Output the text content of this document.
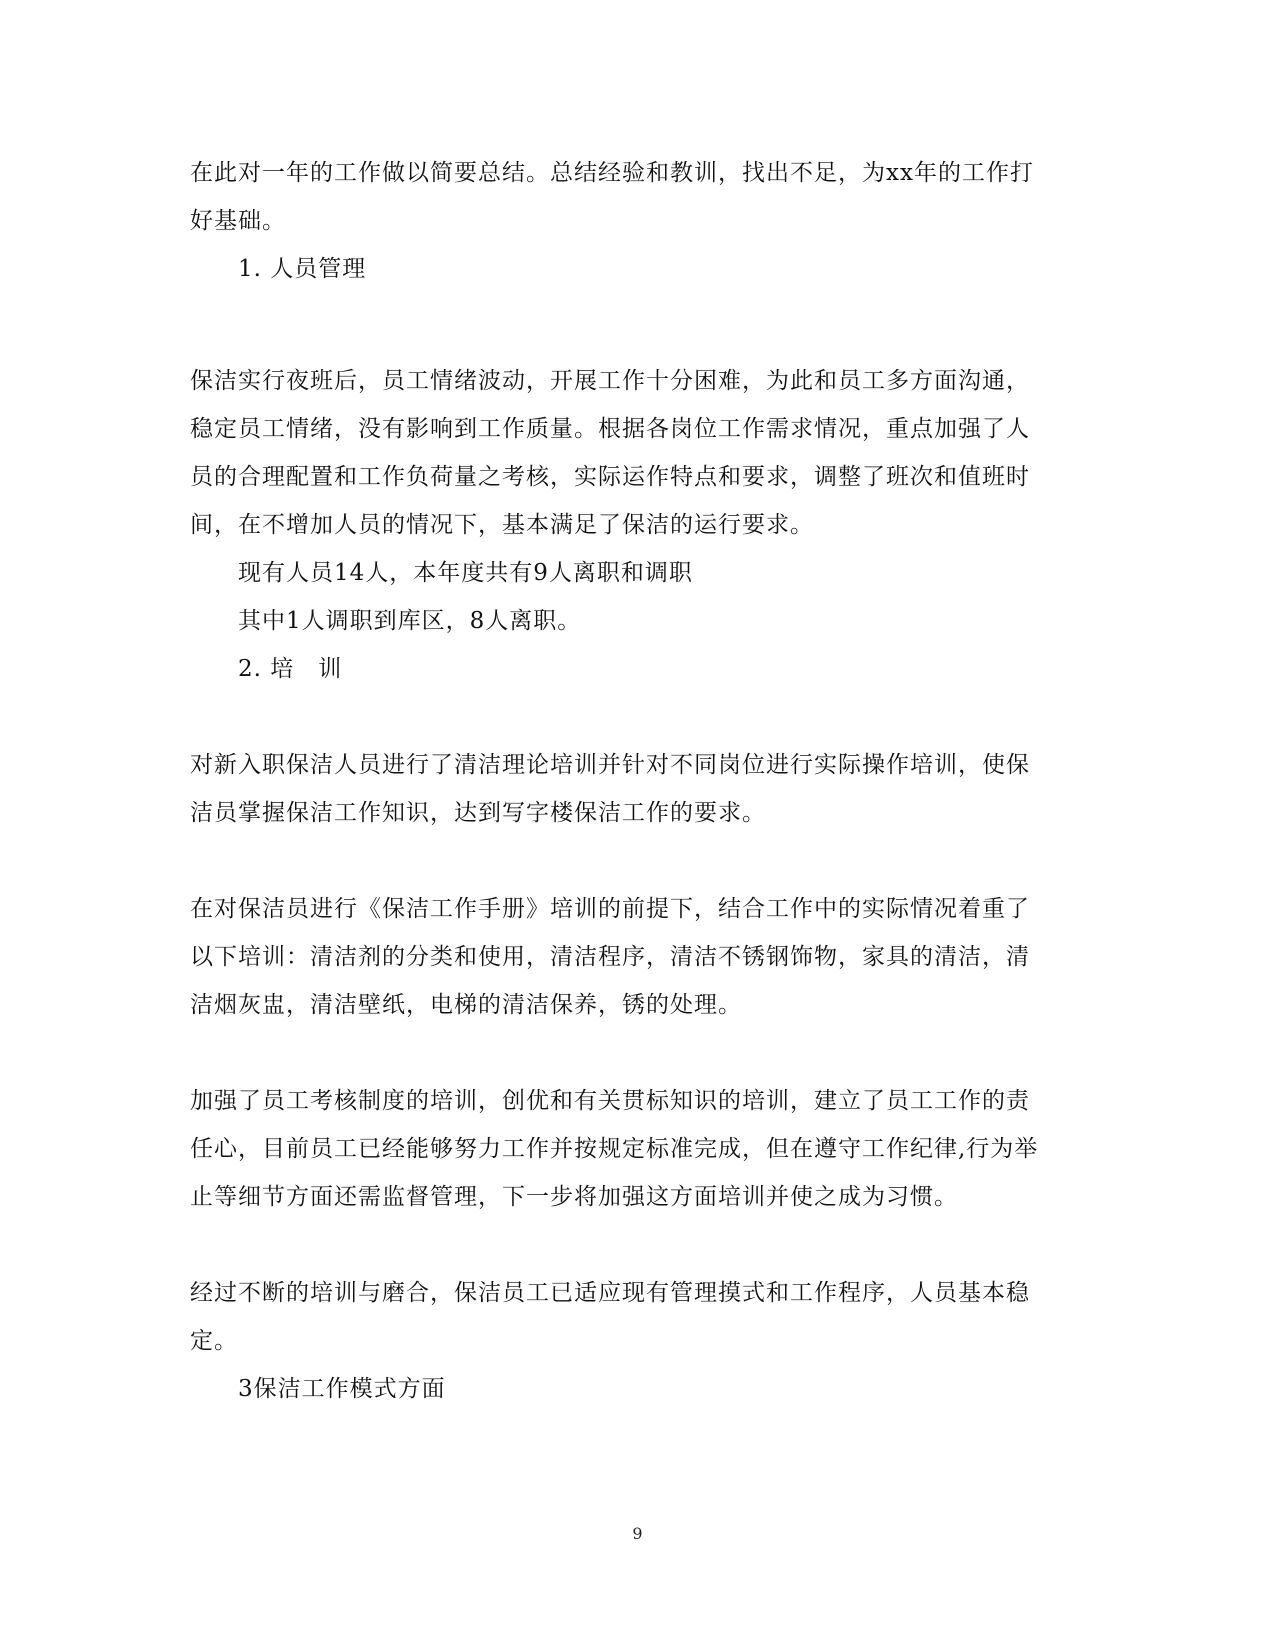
在此对一年的工作做以简要总结。总结经验和教训，找出不足，为xx年的工作打
好基础。
1. 人员管理
保洁实行夜班后，员工情绪波动，开展工作十分困难，为此和员工多方面沟通，
稳定员工情绪，没有影响到工作质量。根据各岗位工作需求情况，重点加强了人
员的合理配置和工作负荷量之考核，实际运作特点和要求，调整了班次和值班时
间，在不增加人员的情况下，基本满足了保洁的运行要求。
现有人员14人，本年度共有9人离职和调职
其中1人调职到库区，8人离职。
2. 培　训
对新入职保洁人员进行了清洁理论培训并针对不同岗位进行实际操作培训，使保
洁员掌握保洁工作知识，达到写字楼保洁工作的要求。
在对保洁员进行《保洁工作手册》培训的前提下，结合工作中的实际情况着重了
以下培训：清洁剂的分类和使用，清洁程序，清洁不锈钢饰物，家具的清洁，清
洁烟灰盅，清洁壁纸，电梯的清洁保养，锈的处理。
加强了员工考核制度的培训，创优和有关贯标知识的培训，建立了员工工作的责
任心，目前员工已经能够努力工作并按规定标准完成，但在遵守工作纪律,行为举
止等细节方面还需监督管理，下一步将加强这方面培训并使之成为习惯。
经过不断的培训与磨合，保洁员工已适应现有管理摸式和工作程序，人员基本稳
定。
3保洁工作模式方面
9
